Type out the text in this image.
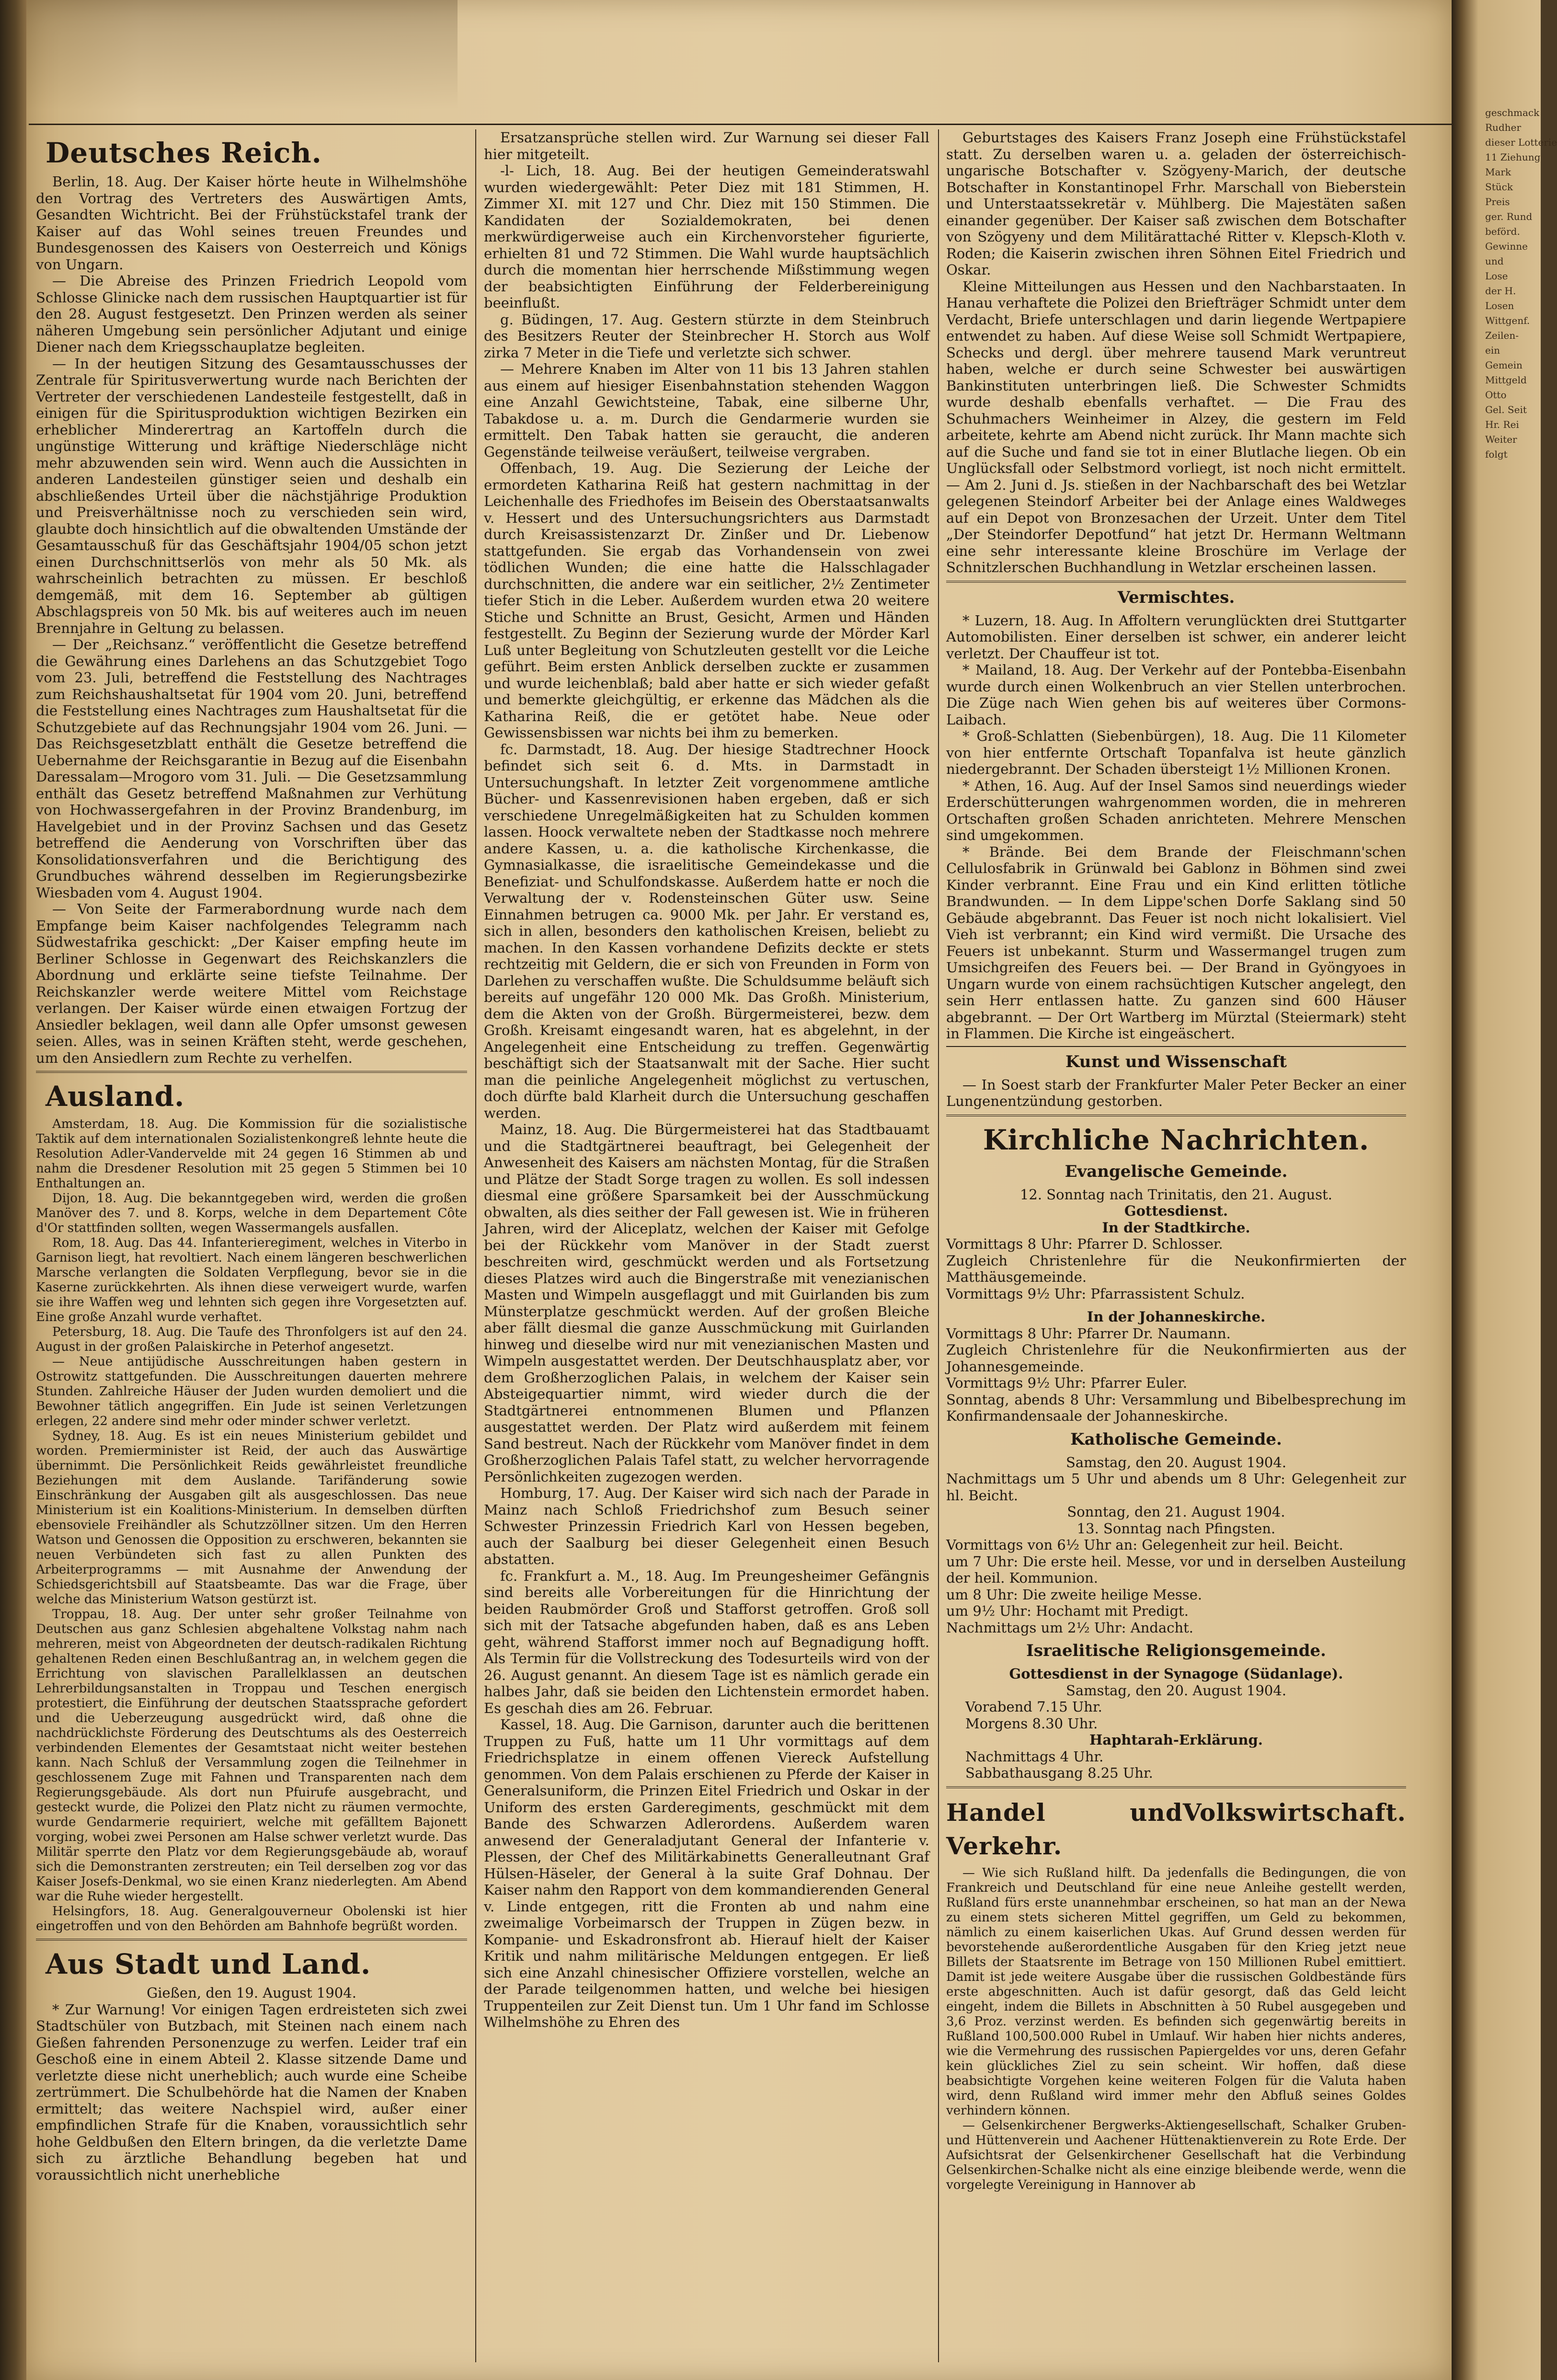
Deutsches Reich.

Berlin, 18. Aug. Der Kaiser hörte heute in Wilhelmshöhe den Vortrag des Vertreters des Auswärtigen Amts, Gesandten Wichtricht. Bei der Frühstückstafel trank der Kaiser auf das Wohl seines treuen Freundes und Bundesgenossen des Kaisers von Oesterreich und Königs von Ungarn.

— Die Abreise des Prinzen Friedrich Leopold vom Schlosse Glinicke nach dem russischen Hauptquartier ist für den 28. August festgesetzt. Den Prinzen werden als seiner näheren Umgebung sein persönlicher Adjutant und einige Diener nach dem Kriegsschauplatze begleiten.

— In der heutigen Sitzung des Gesamtausschusses der Zentrale für Spiritusverwertung wurde nach Berichten der Vertreter der verschiedenen Landesteile festgestellt, daß in einigen für die Spiritusproduktion wichtigen Bezirken ein erheblicher Minderertrag an Kartoffeln durch die ungünstige Witterung und kräftige Niederschläge nicht mehr abzuwenden sein wird. Wenn auch die Aussichten in anderen Landesteilen günstiger seien und deshalb ein abschließendes Urteil über die nächstjährige Produktion und Preisverhältnisse noch zu verschieden sein wird, glaubte doch hinsichtlich auf die obwaltenden Umstände der Gesamtausschuß für das Geschäftsjahr 1904/05 schon jetzt einen Durchschnittserlös von mehr als 50 Mk. als wahrscheinlich betrachten zu müssen. Er beschloß demgemäß, mit dem 16. September ab gültigen Abschlagspreis von 50 Mk. bis auf weiteres auch im neuen Brennjahre in Geltung zu belassen.

— Der „Reichsanz.“ veröffentlicht die Gesetze betreffend die Gewährung eines Darlehens an das Schutzgebiet Togo vom 23. Juli, betreffend die Feststellung des Nachtrages zum Reichshaushaltsetat für 1904 vom 20. Juni, betreffend die Feststellung eines Nachtrages zum Haushaltsetat für die Schutzgebiete auf das Rechnungsjahr 1904 vom 26. Juni. — Das Reichsgesetzblatt enthält die Gesetze betreffend die Uebernahme der Reichsgarantie in Bezug auf die Eisenbahn Daressalam—Mrogoro vom 31. Juli. — Die Gesetzsammlung enthält das Gesetz betreffend Maßnahmen zur Verhütung von Hochwassergefahren in der Provinz Brandenburg, im Havelgebiet und in der Provinz Sachsen und das Gesetz betreffend die Aenderung von Vorschriften über das Konsolidationsverfahren und die Berichtigung des Grundbuches während desselben im Regierungsbezirke Wiesbaden vom 4. August 1904.

— Von Seite der Farmerabordnung wurde nach dem Empfange beim Kaiser nachfolgendes Telegramm nach Südwestafrika geschickt: „Der Kaiser empfing heute im Berliner Schlosse in Gegenwart des Reichskanzlers die Abordnung und erklärte seine tiefste Teilnahme. Der Reichskanzler werde weitere Mittel vom Reichstage verlangen. Der Kaiser würde einen etwaigen Fortzug der Ansiedler beklagen, weil dann alle Opfer umsonst gewesen seien. Alles, was in seinen Kräften steht, werde geschehen, um den Ansiedlern zum Rechte zu verhelfen.

Ausland.

Amsterdam, 18. Aug. Die Kommission für die sozialistische Taktik auf dem internationalen Sozialistenkongreß lehnte heute die Resolution Adler-Vandervelde mit 24 gegen 16 Stimmen ab und nahm die Dresdener Resolution mit 25 gegen 5 Stimmen bei 10 Enthaltungen an.

Dijon, 18. Aug. Die bekanntgegeben wird, werden die großen Manöver des 7. und 8. Korps, welche in dem Departement Côte d'Or stattfinden sollten, wegen Wassermangels ausfallen.

Rom, 18. Aug. Das 44. Infanterieregiment, welches in Viterbo in Garnison liegt, hat revoltiert. Nach einem längeren beschwerlichen Marsche verlangten die Soldaten Verpflegung, bevor sie in die Kaserne zurückkehrten. Als ihnen diese verweigert wurde, warfen sie ihre Waffen weg und lehnten sich gegen ihre Vorgesetzten auf. Eine große Anzahl wurde verhaftet.

Petersburg, 18. Aug. Die Taufe des Thronfolgers ist auf den 24. August in der großen Palaiskirche in Peterhof angesetzt.

— Neue antijüdische Ausschreitungen haben gestern in Ostrowitz stattgefunden. Die Ausschreitungen dauerten mehrere Stunden. Zahlreiche Häuser der Juden wurden demoliert und die Bewohner tätlich angegriffen. Ein Jude ist seinen Verletzungen erlegen, 22 andere sind mehr oder minder schwer verletzt.

Sydney, 18. Aug. Es ist ein neues Ministerium gebildet und worden. Premierminister ist Reid, der auch das Auswärtige übernimmt. Die Persönlichkeit Reids gewährleistet freundliche Beziehungen mit dem Auslande. Tarifänderung sowie Einschränkung der Ausgaben gilt als ausgeschlossen. Das neue Ministerium ist ein Koalitions-Ministerium. In demselben dürften ebensoviele Freihändler als Schutzzöllner sitzen. Um den Herren Watson und Genossen die Opposition zu erschweren, bekannten sie neuen Verbündeten sich fast zu allen Punkten des Arbeiterprogramms — mit Ausnahme der Anwendung der Schiedsgerichtsbill auf Staatsbeamte. Das war die Frage, über welche das Ministerium Watson gestürzt ist.

Troppau, 18. Aug. Der unter sehr großer Teilnahme von Deutschen aus ganz Schlesien abgehaltene Volkstag nahm nach mehreren, meist von Abgeordneten der deutsch-radikalen Richtung gehaltenen Reden einen Beschlußantrag an, in welchem gegen die Errichtung von slavischen Parallelklassen an deutschen Lehrerbildungsanstalten in Troppau und Teschen energisch protestiert, die Einführung der deutschen Staatssprache gefordert und die Ueberzeugung ausgedrückt wird, daß ohne die nachdrücklichste Förderung des Deutschtums als des Oesterreich verbindenden Elementes der Gesamtstaat nicht weiter bestehen kann. Nach Schluß der Versammlung zogen die Teilnehmer in geschlossenem Zuge mit Fahnen und Transparenten nach dem Regierungsgebäude. Als dort nun Pfuirufe ausgebracht, und gesteckt wurde, die Polizei den Platz nicht zu räumen vermochte, wurde Gendarmerie requiriert, welche mit gefälltem Bajonett vorging, wobei zwei Personen am Halse schwer verletzt wurde. Das Militär sperrte den Platz vor dem Regierungsgebäude ab, worauf sich die Demonstranten zerstreuten; ein Teil derselben zog vor das Kaiser Josefs-Denkmal, wo sie einen Kranz niederlegten. Am Abend war die Ruhe wieder hergestellt.

Helsingfors, 18. Aug. Generalgouverneur Obolenski ist hier eingetroffen und von den Behörden am Bahnhofe begrüßt worden.

Aus Stadt und Land.
Gießen, den 19. August 1904.

* Zur Warnung! Vor einigen Tagen erdreisteten sich zwei Stadtschüler von Butzbach, mit Steinen nach einem nach Gießen fahrenden Personenzuge zu werfen. Leider traf ein Geschoß eine in einem Abteil 2. Klasse sitzende Dame und verletzte diese nicht unerheblich; auch wurde eine Scheibe zertrümmert. Die Schulbehörde hat die Namen der Knaben ermittelt; das weitere Nachspiel wird, außer einer empfindlichen Strafe für die Knaben, voraussichtlich sehr hohe Geldbußen den Eltern bringen, da die verletzte Dame sich zu ärztliche Behandlung begeben hat und voraussichtlich nicht unerhebliche

Ersatzansprüche stellen wird. Zur Warnung sei dieser Fall hier mitgeteilt.

-l- Lich, 18. Aug. Bei der heutigen Gemeinderatswahl wurden wiedergewählt: Peter Diez mit 181 Stimmen, H. Zimmer XI. mit 127 und Chr. Diez mit 150 Stimmen. Die Kandidaten der Sozialdemokraten, bei denen merkwürdigerweise auch ein Kirchenvorsteher figurierte, erhielten 81 und 72 Stimmen. Die Wahl wurde hauptsächlich durch die momentan hier herrschende Mißstimmung wegen der beabsichtigten Einführung der Felderbereinigung beeinflußt.

g. Büdingen, 17. Aug. Gestern stürzte in dem Steinbruch des Besitzers Reuter der Steinbrecher H. Storch aus Wolf zirka 7 Meter in die Tiefe und verletzte sich schwer.

— Mehrere Knaben im Alter von 11 bis 13 Jahren stahlen aus einem auf hiesiger Eisenbahnstation stehenden Waggon eine Anzahl Gewichtsteine, Tabak, eine silberne Uhr, Tabakdose u. a. m. Durch die Gendarmerie wurden sie ermittelt. Den Tabak hatten sie geraucht, die anderen Gegenstände teilweise veräußert, teilweise vergraben.

Offenbach, 19. Aug. Die Sezierung der Leiche der ermordeten Katharina Reiß hat gestern nachmittag in der Leichenhalle des Friedhofes im Beisein des Oberstaatsanwalts v. Hessert und des Untersuchungsrichters aus Darmstadt durch Kreisassistenzarzt Dr. Zinßer und Dr. Liebenow stattgefunden. Sie ergab das Vorhandensein von zwei tödlichen Wunden; die eine hatte die Halsschlagader durchschnitten, die andere war ein seitlicher, 2½ Zentimeter tiefer Stich in die Leber. Außerdem wurden etwa 20 weitere Stiche und Schnitte an Brust, Gesicht, Armen und Händen festgestellt. Zu Beginn der Sezierung wurde der Mörder Karl Luß unter Begleitung von Schutzleuten gestellt vor die Leiche geführt. Beim ersten Anblick derselben zuckte er zusammen und wurde leichenblaß; bald aber hatte er sich wieder gefaßt und bemerkte gleichgültig, er erkenne das Mädchen als die Katharina Reiß, die er getötet habe. Neue oder Gewissensbissen war nichts bei ihm zu bemerken.

fc. Darmstadt, 18. Aug. Der hiesige Stadtrechner Hoock befindet sich seit 6. d. Mts. in Darmstadt in Untersuchungshaft. In letzter Zeit vorgenommene amtliche Bücher- und Kassenrevisionen haben ergeben, daß er sich verschiedene Unregelmäßigkeiten hat zu Schulden kommen lassen. Hoock verwaltete neben der Stadtkasse noch mehrere andere Kassen, u. a. die katholische Kirchenkasse, die Gymnasialkasse, die israelitische Gemeindekasse und die Benefiziat- und Schulfondskasse. Außerdem hatte er noch die Verwaltung der v. Rodensteinschen Güter usw. Seine Einnahmen betrugen ca. 9000 Mk. per Jahr. Er verstand es, sich in allen, besonders den katholischen Kreisen, beliebt zu machen. In den Kassen vorhandene Defizits deckte er stets rechtzeitig mit Geldern, die er sich von Freunden in Form von Darlehen zu verschaffen wußte. Die Schuldsumme beläuft sich bereits auf ungefähr 120 000 Mk. Das Großh. Ministerium, dem die Akten von der Großh. Bürgermeisterei, bezw. dem Großh. Kreisamt eingesandt waren, hat es abgelehnt, in der Angelegenheit eine Entscheidung zu treffen. Gegenwärtig beschäftigt sich der Staatsanwalt mit der Sache. Hier sucht man die peinliche Angelegenheit möglichst zu vertuschen, doch dürfte bald Klarheit durch die Untersuchung geschaffen werden.

Mainz, 18. Aug. Die Bürgermeisterei hat das Stadtbauamt und die Stadtgärtnerei beauftragt, bei Gelegenheit der Anwesenheit des Kaisers am nächsten Montag, für die Straßen und Plätze der Stadt Sorge tragen zu wollen. Es soll indessen diesmal eine größere Sparsamkeit bei der Ausschmückung obwalten, als dies seither der Fall gewesen ist. Wie in früheren Jahren, wird der Aliceplatz, welchen der Kaiser mit Gefolge bei der Rückkehr vom Manöver in der Stadt zuerst beschreiten wird, geschmückt werden und als Fortsetzung dieses Platzes wird auch die Bingerstraße mit venezianischen Masten und Wimpeln ausgeflaggt und mit Guirlanden bis zum Münsterplatze geschmückt werden. Auf der großen Bleiche aber fällt diesmal die ganze Ausschmückung mit Guirlanden hinweg und dieselbe wird nur mit venezianischen Masten und Wimpeln ausgestattet werden. Der Deutschhausplatz aber, vor dem Großherzoglichen Palais, in welchem der Kaiser sein Absteigequartier nimmt, wird wieder durch die der Stadtgärtnerei entnommenen Blumen und Pflanzen ausgestattet werden. Der Platz wird außerdem mit feinem Sand bestreut. Nach der Rückkehr vom Manöver findet in dem Großherzoglichen Palais Tafel statt, zu welcher hervorragende Persönlichkeiten zugezogen werden.

Homburg, 17. Aug. Der Kaiser wird sich nach der Parade in Mainz nach Schloß Friedrichshof zum Besuch seiner Schwester Prinzessin Friedrich Karl von Hessen begeben, auch der Saalburg bei dieser Gelegenheit einen Besuch abstatten.

fc. Frankfurt a. M., 18. Aug. Im Preungesheimer Gefängnis sind bereits alle Vorbereitungen für die Hinrichtung der beiden Raubmörder Groß und Stafforst getroffen. Groß soll sich mit der Tatsache abgefunden haben, daß es ans Leben geht, während Stafforst immer noch auf Begnadigung hofft. Als Termin für die Vollstreckung des Todesurteils wird von der 26. August genannt. An diesem Tage ist es nämlich gerade ein halbes Jahr, daß sie beiden den Lichtenstein ermordet haben. Es geschah dies am 26. Februar.

Kassel, 18. Aug. Die Garnison, darunter auch die berittenen Truppen zu Fuß, hatte um 11 Uhr vormittags auf dem Friedrichsplatze in einem offenen Viereck Aufstellung genommen. Von dem Palais erschienen zu Pferde der Kaiser in Generalsuniform, die Prinzen Eitel Friedrich und Oskar in der Uniform des ersten Garderegiments, geschmückt mit dem Bande des Schwarzen Adlerordens. Außerdem waren anwesend der Generaladjutant General der Infanterie v. Plessen, der Chef des Militärkabinetts Generalleutnant Graf Hülsen-Häseler, der General à la suite Graf Dohnau. Der Kaiser nahm den Rapport von dem kommandierenden General v. Linde entgegen, ritt die Fronten ab und nahm eine zweimalige Vorbeimarsch der Truppen in Zügen bezw. in Kompanie- und Eskadronsfront ab. Hierauf hielt der Kaiser Kritik und nahm militärische Meldungen entgegen. Er ließ sich eine Anzahl chinesischer Offiziere vorstellen, welche an der Parade teilgenommen hatten, und welche bei hiesigen Truppenteilen zur Zeit Dienst tun. Um 1 Uhr fand im Schlosse Wilhelmshöhe zu Ehren des

Geburtstages des Kaisers Franz Joseph eine Frühstückstafel statt. Zu derselben waren u. a. geladen der österreichisch-ungarische Botschafter v. Szögyeny-Marich, der deutsche Botschafter in Konstantinopel Frhr. Marschall von Bieberstein und Unterstaatssekretär v. Mühlberg. Die Majestäten saßen einander gegenüber. Der Kaiser saß zwischen dem Botschafter von Szögyeny und dem Militärattaché Ritter v. Klepsch-Kloth v. Roden; die Kaiserin zwischen ihren Söhnen Eitel Friedrich und Oskar.

Kleine Mitteilungen aus Hessen und den Nachbarstaaten. In Hanau verhaftete die Polizei den Briefträger Schmidt unter dem Verdacht, Briefe unterschlagen und darin liegende Wertpapiere entwendet zu haben. Auf diese Weise soll Schmidt Wertpapiere, Schecks und dergl. über mehrere tausend Mark veruntreut haben, welche er durch seine Schwester bei auswärtigen Bankinstituten unterbringen ließ. Die Schwester Schmidts wurde deshalb ebenfalls verhaftet. — Die Frau des Schuhmachers Weinheimer in Alzey, die gestern im Feld arbeitete, kehrte am Abend nicht zurück. Ihr Mann machte sich auf die Suche und fand sie tot in einer Blutlache liegen. Ob ein Unglücksfall oder Selbstmord vorliegt, ist noch nicht ermittelt. — Am 2. Juni d. Js. stießen in der Nachbarschaft des bei Wetzlar gelegenen Steindorf Arbeiter bei der Anlage eines Waldweges auf ein Depot von Bronzesachen der Urzeit. Unter dem Titel „Der Steindorfer Depotfund“ hat jetzt Dr. Hermann Weltmann eine sehr interessante kleine Broschüre im Verlage der Schnitzlerschen Buchhandlung in Wetzlar erscheinen lassen.

Vermischtes.

* Luzern, 18. Aug. In Affoltern verunglückten drei Stuttgarter Automobilisten. Einer derselben ist schwer, ein anderer leicht verletzt. Der Chauffeur ist tot.

* Mailand, 18. Aug. Der Verkehr auf der Pontebba-Eisenbahn wurde durch einen Wolkenbruch an vier Stellen unterbrochen. Die Züge nach Wien gehen bis auf weiteres über Cormons-Laibach.

* Groß-Schlatten (Siebenbürgen), 18. Aug. Die 11 Kilometer von hier entfernte Ortschaft Topanfalva ist heute gänzlich niedergebrannt. Der Schaden übersteigt 1½ Millionen Kronen.

* Athen, 16. Aug. Auf der Insel Samos sind neuerdings wieder Erderschütterungen wahrgenommen worden, die in mehreren Ortschaften großen Schaden anrichteten. Mehrere Menschen sind umgekommen.

* Brände. Bei dem Brande der Fleischmann'schen Cellulosfabrik in Grünwald bei Gablonz in Böhmen sind zwei Kinder verbrannt. Eine Frau und ein Kind erlitten tötliche Brandwunden. — In dem Lippe'schen Dorfe Saklang sind 50 Gebäude abgebrannt. Das Feuer ist noch nicht lokalisiert. Viel Vieh ist verbrannt; ein Kind wird vermißt. Die Ursache des Feuers ist unbekannt. Sturm und Wassermangel trugen zum Umsichgreifen des Feuers bei. — Der Brand in Gyöngyoes in Ungarn wurde von einem rachsüchtigen Kutscher angelegt, den sein Herr entlassen hatte. Zu ganzen sind 600 Häuser abgebrannt. — Der Ort Wartberg im Mürztal (Steiermark) steht in Flammen. Die Kirche ist eingeäschert.

Kunst und Wissenschaft

— In Soest starb der Frankfurter Maler Peter Becker an einer Lungenentzündung gestorben.

Kirchliche Nachrichten.
Evangelische Gemeinde.
12. Sonntag nach Trinitatis, den 21. August.
Gottesdienst.
In der Stadtkirche.
Vormittags 8 Uhr: Pfarrer D. Schlosser.
Zugleich Christenlehre für die Neukonfirmierten der Matthäusgemeinde.
Vormittags 9½ Uhr: Pfarrassistent Schulz.
In der Johanneskirche.
Vormittags 8 Uhr: Pfarrer Dr. Naumann.
Zugleich Christenlehre für die Neukonfirmierten aus der Johannesgemeinde.
Vormittags 9½ Uhr: Pfarrer Euler.
Sonntag, abends 8 Uhr: Versammlung und Bibelbesprechung im Konfirmandensaale der Johanneskirche.
Katholische Gemeinde.
Samstag, den 20. August 1904.
Nachmittags um 5 Uhr und abends um 8 Uhr: Gelegenheit zur hl. Beicht.
Sonntag, den 21. August 1904.
13. Sonntag nach Pfingsten.
Vormittags von 6½ Uhr an: Gelegenheit zur heil. Beicht.
um 7 Uhr: Die erste heil. Messe, vor und in derselben Austeilung der heil. Kommunion.
um 8 Uhr: Die zweite heilige Messe.
um 9½ Uhr: Hochamt mit Predigt.
Nachmittags um 2½ Uhr: Andacht.
Israelitische Religionsgemeinde.
Gottesdienst in der Synagoge (Südanlage).
Samstag, den 20. August 1904.
Vorabend 7.15 Uhr.
Morgens 8.30 Uhr.
Haphtarah-Erklärung.
Nachmittags 4 Uhr.
Sabbathausgang 8.25 Uhr.
Handel und Verkehr.
Volkswirtschaft.

— Wie sich Rußland hilft. Da jedenfalls die Bedingungen, die von Frankreich und Deutschland für eine neue Anleihe gestellt werden, Rußland fürs erste unannehmbar erscheinen, so hat man an der Newa zu einem stets sicheren Mittel gegriffen, um Geld zu bekommen, nämlich zu einem kaiserlichen Ukas. Auf Grund dessen werden für bevorstehende außerordentliche Ausgaben für den Krieg jetzt neue Billets der Staatsrente im Betrage von 150 Millionen Rubel emittiert. Damit ist jede weitere Ausgabe über die russischen Goldbestände fürs erste abgeschnitten. Auch ist dafür gesorgt, daß das Geld leicht eingeht, indem die Billets in Abschnitten à 50 Rubel ausgegeben und 3,6 Proz. verzinst werden. Es befinden sich gegenwärtig bereits in Rußland 100,500.000 Rubel in Umlauf. Wir haben hier nichts anderes, wie die Vermehrung des russischen Papiergeldes vor uns, deren Gefahr kein glückliches Ziel zu sein scheint. Wir hoffen, daß diese beabsichtigte Vorgehen keine weiteren Folgen für die Valuta haben wird, denn Rußland wird immer mehr den Abfluß seines Goldes verhindern können.

— Gelsenkirchener Bergwerks-Aktiengesellschaft, Schalker Gruben- und Hüttenverein und Aachener Hüttenaktienverein zu Rote Erde. Der Aufsichtsrat der Gelsenkirchener Gesellschaft hat die Verbindung Gelsenkirchen-Schalke nicht als eine einzige bleibende werde, wenn die vorgelegte Vereinigung in Hannover ab

geschmack
Rudher
dieser Lotterie
11 Ziehung
Mark
Stück
Preis
ger. Rund
beförd.
Gewinne
und
Lose
der H.
Losen
Wittgenf.
Zeilen-
ein
Gemein
Mittgeld
Otto
Gel. Seit
Hr. Rei
Weiter
folgt
